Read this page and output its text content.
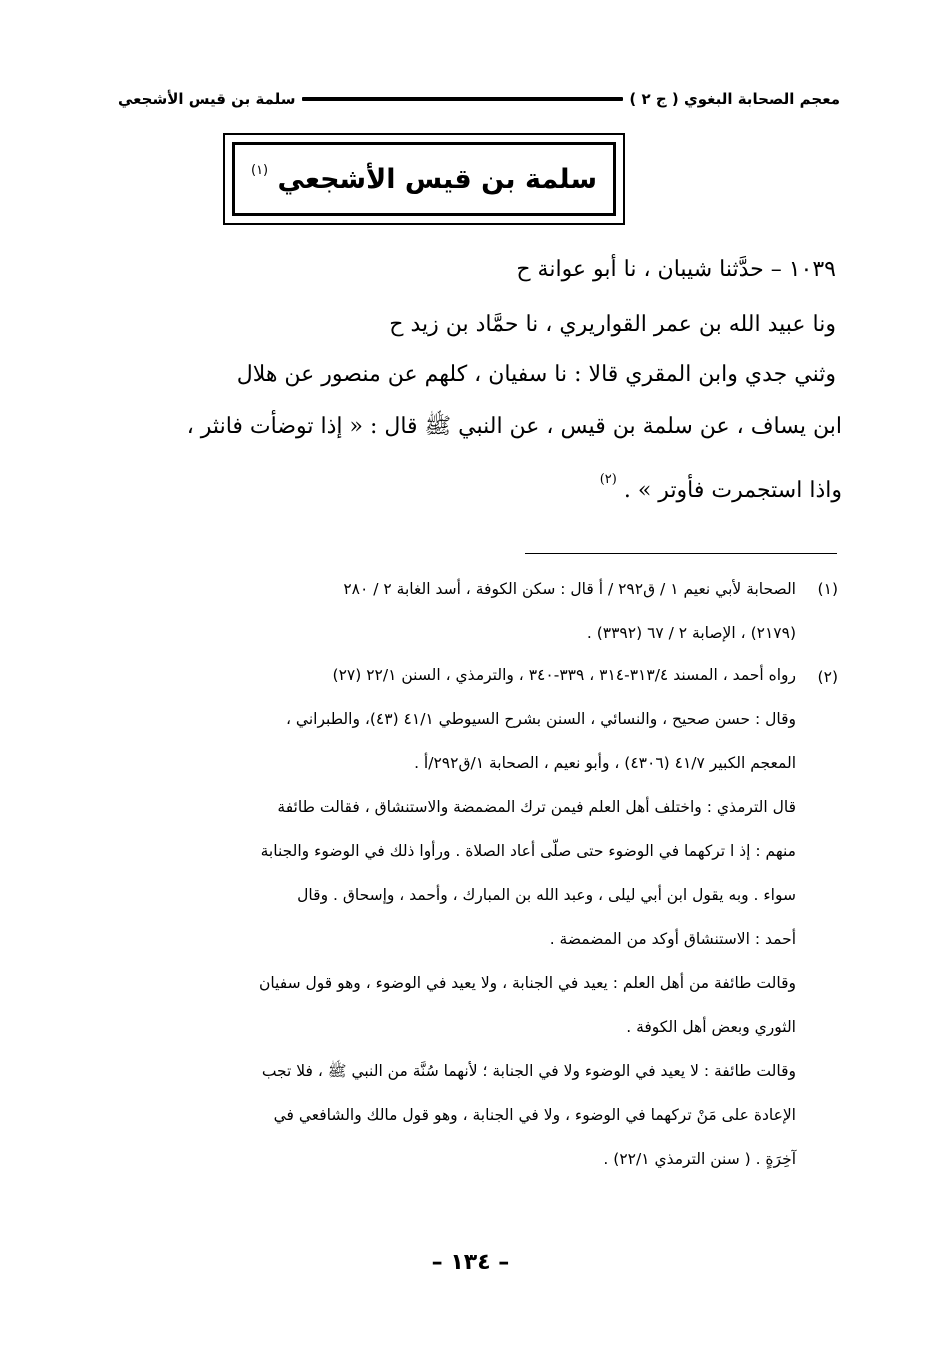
معجم الصحابة البغوي ( ج ٢ )
سلمة بن قيس الأشجعي
سلمة بن قيس الأشجعي $^{(١)}$
١٠٣٩ – حدَّثنا شيبان ، نا أبو عوانة ح
ونا عبيد الله بن عمر القواريري ، نا حمَّاد بن زيد ح
وثني جدي وابن المقري قالا : نا سفيان ، كلهم عن منصور عن هلال
ابن يساف ، عن سلمة بن قيس ، عن النبي ﷺ قال : « إذا توضأت فانثر ،
واذا استجمرت فأوتر » . $^{(٢)}$
(١)
الصحابة لأبي نعيم ١ / ق٢٩٢ / أ قال : سكن الكوفة ، أسد الغابة ٢ / ٢٨٠
(٢١٧٩) ، الإصابة ٢ / ٦٧ (٣٣٩٢) .
(٢)
رواه أحمد ، المسند ٣١٣/٤-٣١٤ ، ٣٣٩-٣٤٠ ، والترمذي ، السنن ٢٢/١ (٢٧)
وقال : حسن صحيح ، والنسائي ، السنن بشرح السيوطي ٤١/١ (٤٣)، والطبراني ،
المعجم الكبير ٤١/٧ (٤٣٠٦) ، وأبو نعيم ، الصحابة ١/ق٢٩٢/أ .
قال الترمذي : واختلف أهل العلم فيمن ترك المضمضة والاستنشاق ، فقالت طائفة
منهم : إذ ا تركهما في الوضوء حتى صلّى أعاد الصلاة . ورأوا ذلك في الوضوء والجنابة
سواء . وبه يقول ابن أبي ليلى ، وعبد الله بن المبارك ، وأحمد ، وإسحاق . وقال
أحمد : الاستنشاق أوكد من المضمضة .
وقالت طائفة من أهل العلم : يعيد في الجنابة ، ولا يعيد في الوضوء ، وهو قول سفيان
الثوري وبعض أهل الكوفة .
وقالت طائفة : لا يعيد في الوضوء ولا في الجنابة ؛ لأنهما سُنَّة من النبي ﷺ ، فلا تجب
الإعادة على مَنْ تركهما في الوضوء ، ولا في الجنابة ، وهو قول مالك والشافعي في
آخِرَةٍ . ( سنن الترمذي ٢٢/١) .
– ١٣٤ –
